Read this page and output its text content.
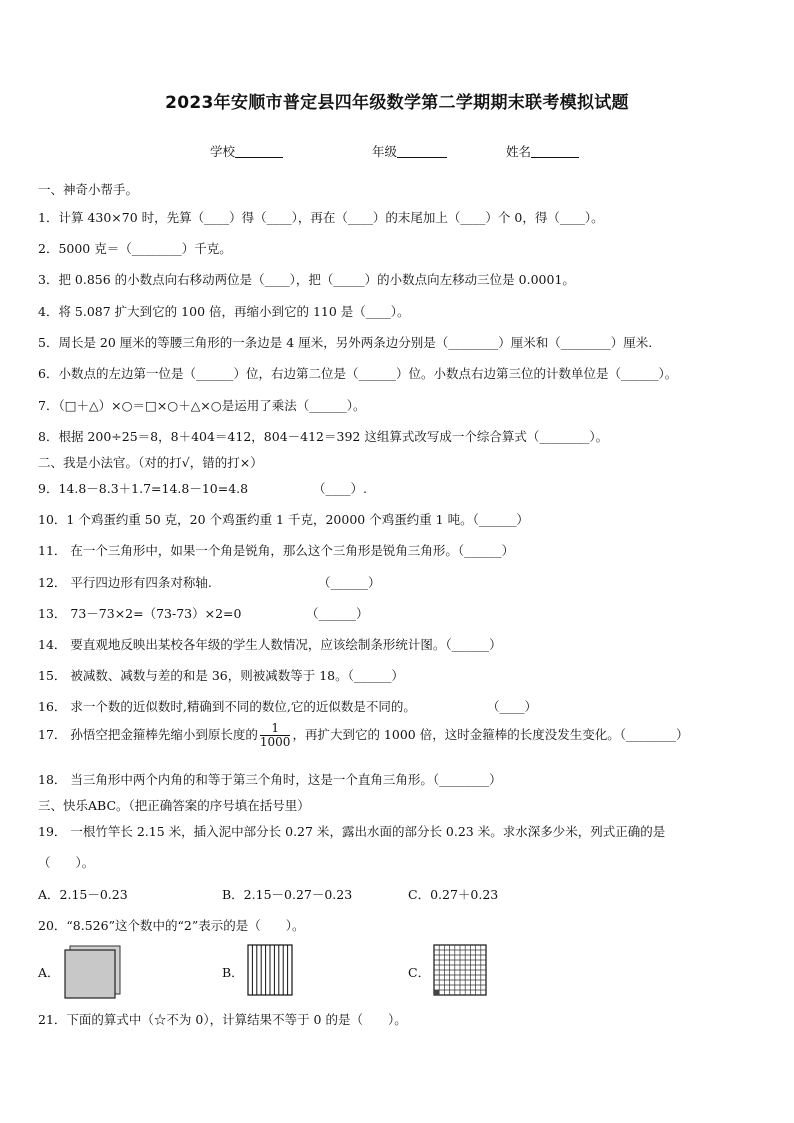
2023年安顺市普定县四年级数学第二学期期末联考模拟试题
学校	年级	姓名
一、神奇小帮手。
1．计算 430×70 时，先算（____）得（____），再在（____）的末尾加上（____）个 0，得（____）。
2．5000 克＝（________）千克。
3．把 0.856 的小数点向右移动两位是（____），把（_____）的小数点向左移动三位是 0.0001。
4．将 5.087 扩大到它的 100 倍，再缩小到它的 110 是（____）。
5．周长是 20 厘米的等腰三角形的一条边是 4 厘米，另外两条边分别是（________）厘米和（________）厘米.
6．小数点的左边第一位是（______）位，右边第二位是（______）位。小数点右边第三位的计数单位是（______）。
7．（□＋△）×○＝□×○＋△×○是运用了乘法（______）。
8．根据 200÷25＝8，8＋404＝412，804－412＝392 这组算式改写成一个综合算式（________）。
二、我是小法官。（对的打√，错的打×）
9．14.8－8.3＋1.7=14.8－10=4.8	（____）.
10．1 个鸡蛋约重 50 克，20 个鸡蛋约重 1 千克，20000 个鸡蛋约重 1 吨。（______）
11． 在一个三角形中，如果一个角是锐角，那么这个三角形是锐角三角形。（______）
12． 平行四边形有四条对称轴.	（______）
13． 73－73×2=（73-73）×2=0	（______）
14． 要直观地反映出某校各年级的学生人数情况，应该绘制条形统计图。（______）
15． 被减数、减数与差的和是 36，则被减数等于 18。（______）
16． 求一个数的近似数时,精确到不同的数位,它的近似数是不同的。	（____）
17． 孙悟空把金箍棒先缩小到原长度的 $\frac{1}{1000}$ ，再扩大到它的 1000 倍，这时金箍棒的长度没发生变化。（________）
18． 当三角形中两个内角的和等于第三个角时，这是一个直角三角形。（________）
三、快乐ABC。（把正确答案的序号填在括号里）
19． 一根竹竿长 2.15 米，插入泥中部分长 0.27 米，露出水面的部分长 0.23 米。求水深多少米，列式正确的是
（　　）。
A．2.15－0.23	B．2.15－0.27－0.23	C．0.27＋0.23
20．“8.526”这个数中的“2”表示的是（　　）。
A．	B．	C．
21．下面的算式中（☆不为 0），计算结果不等于 0 的是（　　）。
